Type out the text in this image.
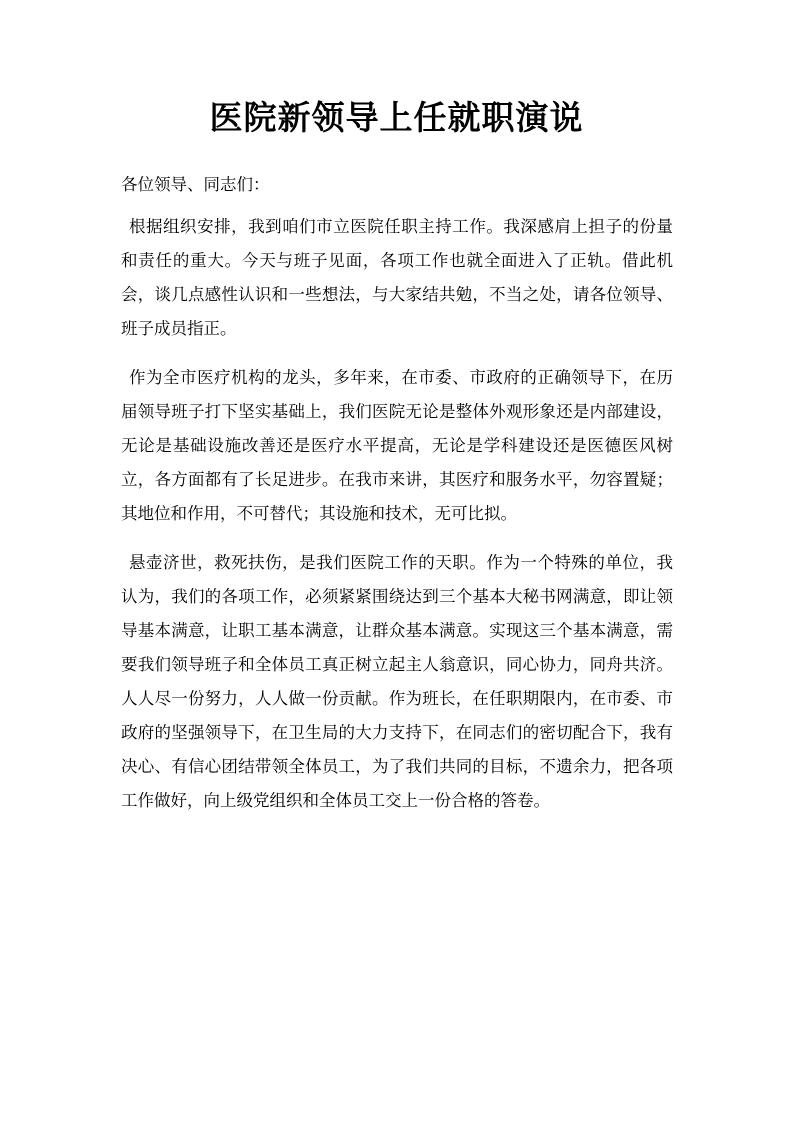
医院新领导上任就职演说

各位领导、同志们：

根据组织安排，我到咱们市立医院任职主持工作。我深感肩上担子的份量和责任的重大。今天与班子见面，各项工作也就全面进入了正轨。借此机会，谈几点感性认识和一些想法，与大家结共勉，不当之处，请各位领导、班子成员指正。

作为全市医疗机构的龙头，多年来，在市委、市政府的正确领导下，在历届领导班子打下坚实基础上，我们医院无论是整体外观形象还是内部建设，无论是基础设施改善还是医疗水平提高，无论是学科建设还是医德医风树立，各方面都有了长足进步。在我市来讲，其医疗和服务水平，勿容置疑；其地位和作用，不可替代；其设施和技术，无可比拟。

悬壶济世，救死扶伤，是我们医院工作的天职。作为一个特殊的单位，我认为，我们的各项工作，必须紧紧围绕达到三个基本大秘书网满意，即让领导基本满意，让职工基本满意，让群众基本满意。实现这三个基本满意，需要我们领导班子和全体员工真正树立起主人翁意识，同心协力，同舟共济。人人尽一份努力，人人做一份贡献。作为班长，在任职期限内，在市委、市政府的坚强领导下，在卫生局的大力支持下，在同志们的密切配合下，我有决心、有信心团结带领全体员工，为了我们共同的目标，不遗余力，把各项工作做好，向上级党组织和全体员工交上一份合格的答卷。
